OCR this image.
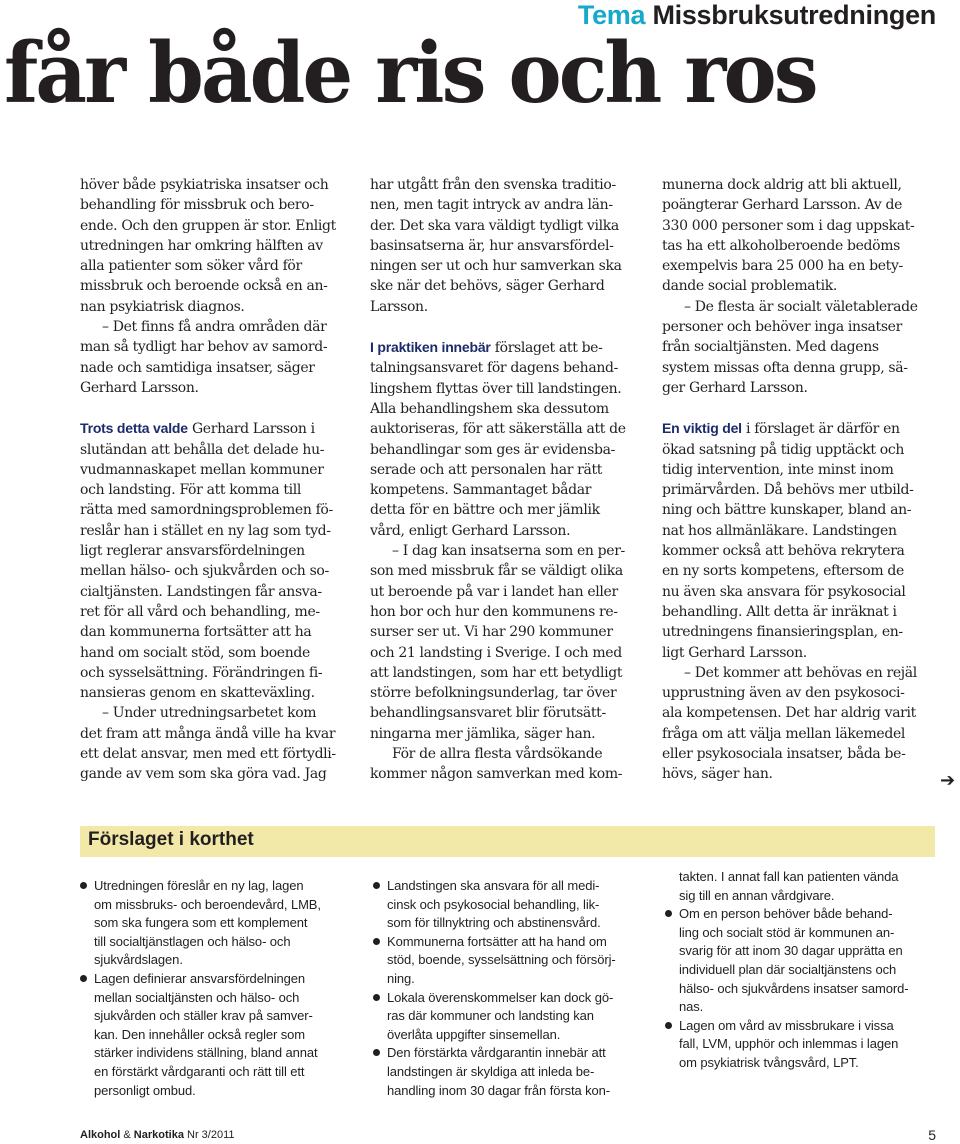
Tema Missbruksutredningen
får både ris och ros

höver både psykiatriska insatser och

behandling för missbruk och bero-

ende. Och den gruppen är stor. Enligt

utredningen har omkring hälften av

alla patienter som söker vård för

missbruk och beroende också en an-

nan psykiatrisk diagnos.

– Det finns få andra områden där

man så tydligt har behov av samord-

nade och samtidiga insatser, säger

Gerhard Larsson.

Trots detta valde Gerhard Larsson i

slutändan att behålla det delade hu-

vudmannaskapet mellan kommuner

och landsting. För att komma till

rätta med samordningsproblemen fö-

reslår han i stället en ny lag som tyd-

ligt reglerar ansvarsfördelningen

mellan hälso- och sjukvården och so-

cialtjänsten. Landstingen får ansva-

ret för all vård och behandling, me-

dan kommunerna fortsätter att ha

hand om socialt stöd, som boende

och sysselsättning. Förändringen fi-

nansieras genom en skatteväxling.

– Under utredningsarbetet kom

det fram att många ändå ville ha kvar

ett delat ansvar, men med ett förtydli-

gande av vem som ska göra vad. Jag

har utgått från den svenska traditio-

nen, men tagit intryck av andra län-

der. Det ska vara väldigt tydligt vilka

basinsatserna är, hur ansvarsfördel-

ningen ser ut och hur samverkan ska

ske när det behövs, säger Gerhard

Larsson.

I praktiken innebär förslaget att be-

talningsansvaret för dagens behand-

lingshem flyttas över till landstingen.

Alla behandlingshem ska dessutom

auktoriseras, för att säkerställa att de

behandlingar som ges är evidensba-

serade och att personalen har rätt

kompetens. Sammantaget bådar

detta för en bättre och mer jämlik

vård, enligt Gerhard Larsson.

– I dag kan insatserna som en per-

son med missbruk får se väldigt olika

ut beroende på var i landet han eller

hon bor och hur den kommunens re-

surser ser ut. Vi har 290 kommuner

och 21 landsting i Sverige. I och med

att landstingen, som har ett betydligt

större befolkningsunderlag, tar över

behandlingsansvaret blir förutsätt-

ningarna mer jämlika, säger han.

För de allra flesta vårdsökande

kommer någon samverkan med kom-

munerna dock aldrig att bli aktuell,

poängterar Gerhard Larsson. Av de

330 000 personer som i dag uppskat-

tas ha ett alkoholberoende bedöms

exempelvis bara 25 000 ha en bety-

dande social problematik.

– De flesta är socialt väletablerade

personer och behöver inga insatser

från socialtjänsten. Med dagens

system missas ofta denna grupp, sä-

ger Gerhard Larsson.

En viktig del i förslaget är därför en

ökad satsning på tidig upptäckt och

tidig intervention, inte minst inom

primärvården. Då behövs mer utbild-

ning och bättre kunskaper, bland an-

nat hos allmänläkare. Landstingen

kommer också att behöva rekrytera

en ny sorts kompetens, eftersom de

nu även ska ansvara för psykosocial

behandling. Allt detta är inräknat i

utredningens finansieringsplan, en-

ligt Gerhard Larsson.

– Det kommer att behövas en rejäl

upprustning även av den psykosoci-

ala kompetensen. Det har aldrig varit

fråga om att välja mellan läkemedel

eller psykosociala insatser, båda be-

hövs, säger han.	➔
Förslaget i korthet
Utredningen föreslår en ny lag, lagen
om missbruks- och beroendevård, LMB,
som ska fungera som ett komplement
till socialtjänstlagen och hälso- och
sjukvårdslagen.
Lagen definierar ansvarsfördelningen
mellan socialtjänsten och hälso- och
sjukvården och ställer krav på samver-
kan. Den innehåller också regler som
stärker individens ställning, bland annat
en förstärkt vårdgaranti och rätt till ett
personligt ombud.
Landstingen ska ansvara för all medi-
cinsk och psykosocial behandling, lik-
som för tillnyktring och abstinensvård.
Kommunerna fortsätter att ha hand om
stöd, boende, sysselsättning och försörj-
ning.
Lokala överenskommelser kan dock gö-
ras där kommuner och landsting kan
överlåta uppgifter sinsemellan.
Den förstärkta vårdgarantin innebär att
landstingen är skyldiga att inleda be-
handling inom 30 dagar från första kon-
takten. I annat fall kan patienten vända
sig till en annan vårdgivare.
Om en person behöver både behand-
ling och socialt stöd är kommunen an-
svarig för att inom 30 dagar upprätta en
individuell plan där socialtjänstens och
hälso- och sjukvårdens insatser samord-
nas.
Lagen om vård av missbrukare i vissa
fall, LVM, upphör och inlemmas i lagen
om psykiatrisk tvångsvård, LPT.
Alkohol & Narkotika Nr 3/2011	5
